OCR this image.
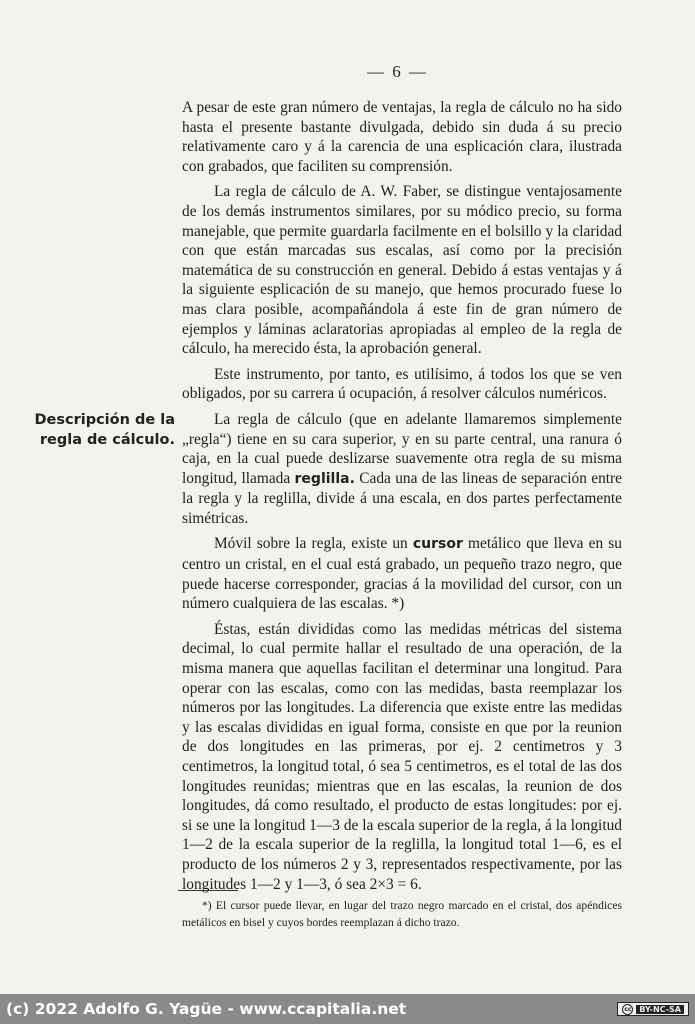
— 6 —
Descripción de la regla de cálculo.

A pesar de este gran número de ventajas, la regla de cálculo no ha sido hasta el presente bastante divulgada, debido sin duda á su precio relativamente caro y á la carencia de una esplicación clara, ilustrada con grabados, que faciliten su comprensión.

La regla de cálculo de A. W. Faber, se distingue ventajosamente de los demás instrumentos similares, por su módico precio, su forma manejable, que permite guardarla facilmente en el bolsillo y la claridad con que están marcadas sus escalas, así como por la precisión matemática de su construcción en general. Debido á estas ventajas y á la siguiente esplicación de su manejo, que hemos procurado fuese lo mas clara posible, acompañándola á este fin de gran número de ejemplos y láminas aclaratorias apropiadas al empleo de la regla de cálculo, ha merecido ésta, la aprobación general.

Este instrumento, por tanto, es utilísimo, á todos los que se ven obligados, por su carrera ú ocupación, á resolver cálculos numéricos.

La regla de cálculo (que en adelante llamaremos simplemente „regla“) tiene en su cara superior, y en su parte central, una ranura ó caja, en la cual puede deslizarse suavemente otra regla de su misma longitud, llamada reglilla. Cada una de las lineas de separación entre la regla y la reglilla, divide á una escala, en dos partes perfectamente simétricas.

Móvil sobre la regla, existe un cursor metálico que lleva en su centro un cristal, en el cual está grabado, un pequeño trazo negro, que puede hacerse corresponder, gracias á la movilidad del cursor, con un número cualquiera de las escalas. *)

Éstas, están divididas como las medidas métricas del sistema decimal, lo cual permite hallar el resultado de una operación, de la misma manera que aquellas facilitan el determinar una longitud. Para operar con las escalas, como con las medidas, basta reemplazar los números por las longitudes. La diferencia que existe entre las medidas y las escalas divididas en igual forma, consiste en que por la reunion de dos longitudes en las primeras, por ej. 2 centimetros y 3 centimetros, la longitud total, ó sea 5 centimetros, es el total de las dos longitudes reunidas; mientras que en las escalas, la reunion de dos longitudes, dá como resultado, el producto de estas longitudes: por ej. si se une la longitud 1—3 de la escala superior de la regla, á la longitud 1—2 de la escala superior de la reglilla, la longitud total 1—6, es el producto de los números 2 y 3, representados respectivamente, por las longitudes 1—2 y 1—3, ó sea 2×3 = 6.

*) El cursor puede llevar, en lugar del trazo negro marcado en el cristal, dos apéndices metálicos en bisel y cuyos bordes reemplazan á dicho trazo.
(c) 2022 Adolfo G. Yagüe - www.ccapitalia.net	cc BY-NC-SA
